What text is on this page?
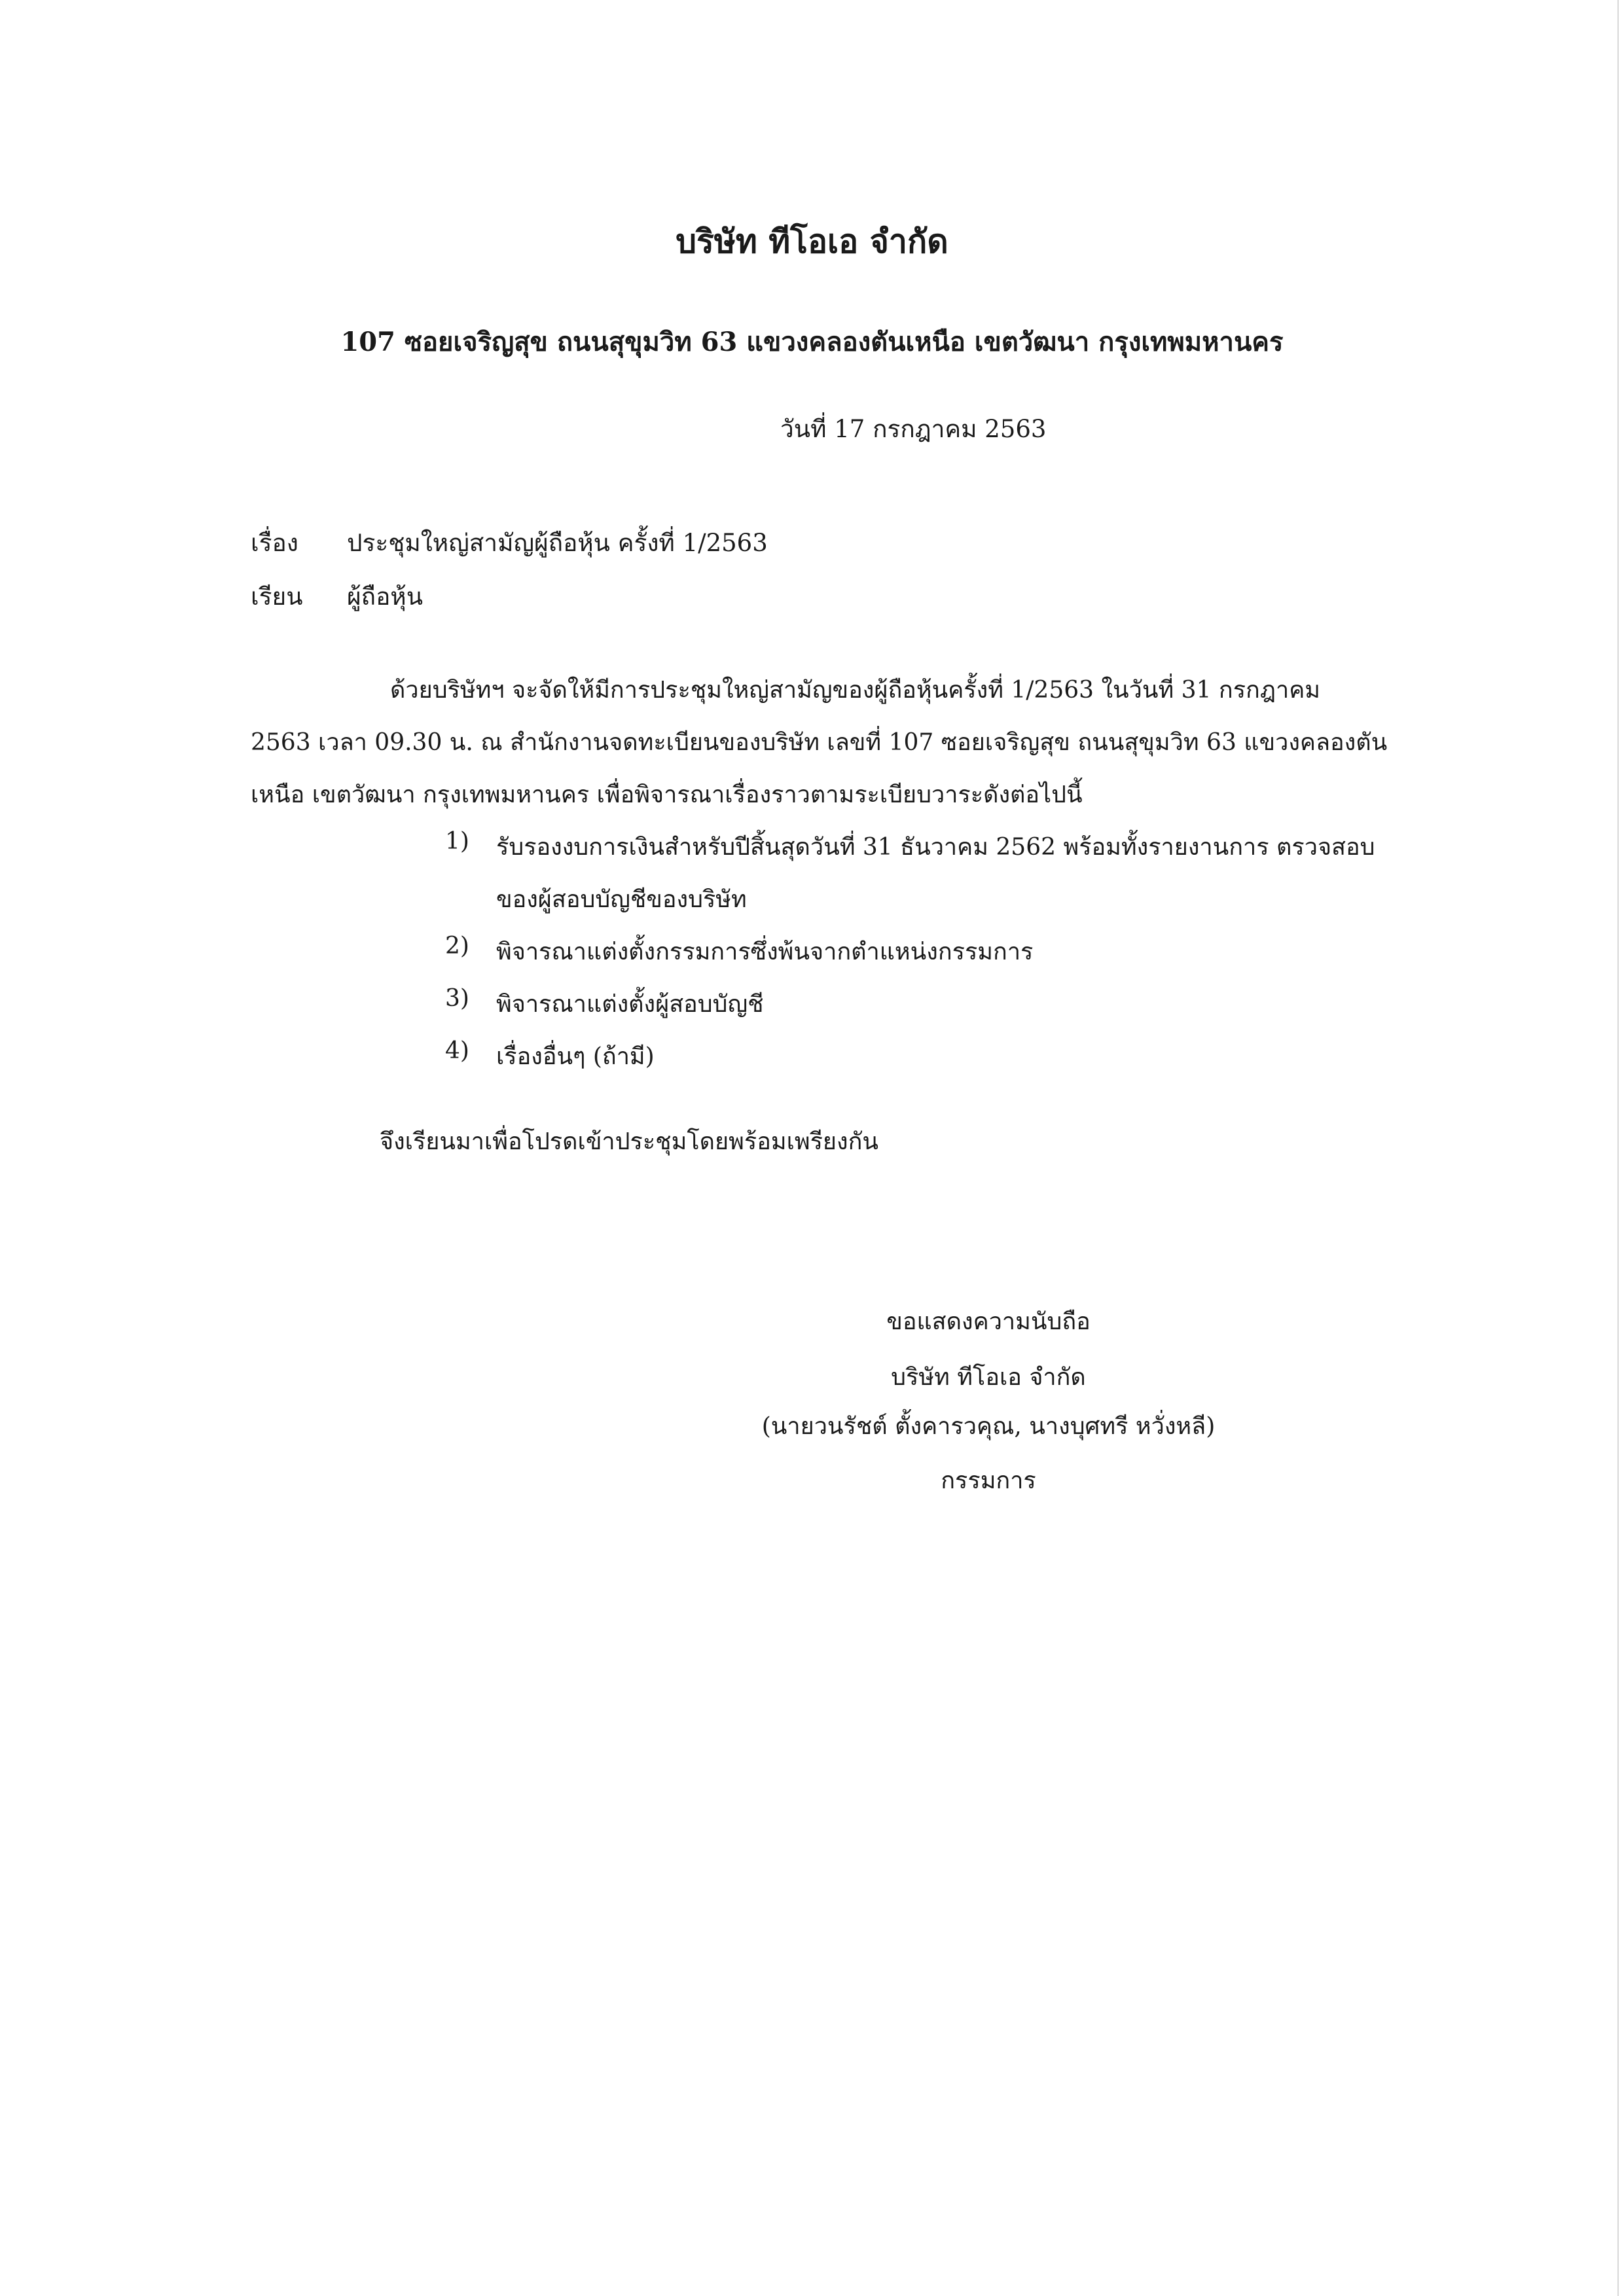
บริษัท ทีโอเอ จำกัด
107 ซอยเจริญสุข ถนนสุขุมวิท 63 แขวงคลองตันเหนือ เขตวัฒนา กรุงเทพมหานคร
วันที่ 17 กรกฎาคม 2563
เรื่อง ประชุมใหญ่สามัญผู้ถือหุ้น ครั้งที่ 1/2563
เรียน ผู้ถือหุ้น
ด้วยบริษัทฯ จะจัดให้มีการประชุมใหญ่สามัญของผู้ถือหุ้นครั้งที่ 1/2563 ในวันที่ 31 กรกฎาคม
2563 เวลา 09.30 น. ณ สำนักงานจดทะเบียนของบริษัท เลขที่ 107 ซอยเจริญสุข ถนนสุขุมวิท 63 แขวงคลองตัน
เหนือ เขตวัฒนา กรุงเทพมหานคร เพื่อพิจารณาเรื่องราวตามระเบียบวาระดังต่อไปนี้
1) รับรองงบการเงินสำหรับปีสิ้นสุดวันที่ 31 ธันวาคม 2562 พร้อมทั้งรายงานการ ตรวจสอบ
ของผู้สอบบัญชีของบริษัท
2) พิจารณาแต่งตั้งกรรมการซึ่งพ้นจากตำแหน่งกรรมการ
3) พิจารณาแต่งตั้งผู้สอบบัญชี
4) เรื่องอื่นๆ (ถ้ามี)
จึงเรียนมาเพื่อโปรดเข้าประชุมโดยพร้อมเพรียงกัน
ขอแสดงความนับถือ
บริษัท ทีโอเอ จำกัด
(นายวนรัชต์ ตั้งคารวคุณ, นางบุศทรี หวั่งหลี)
กรรมการ
